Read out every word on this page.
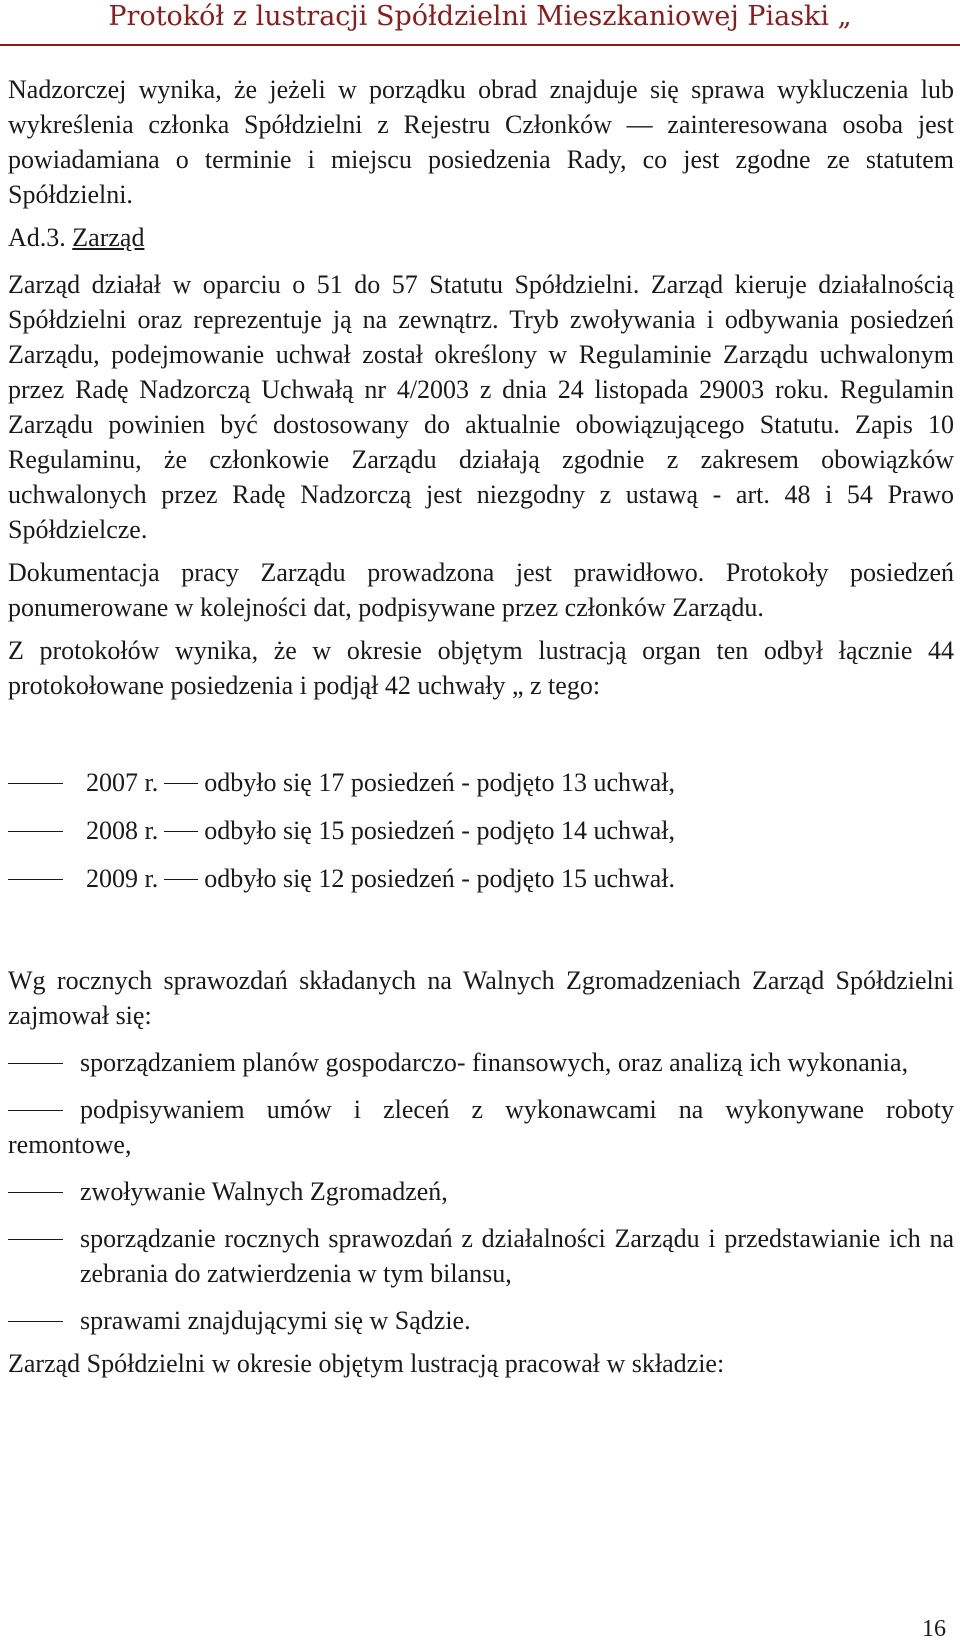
Protokół z lustracji Spółdzielni Mieszkaniowej Piaski „

Nadzorczej wynika, że jeżeli w porządku obrad znajduje się sprawa wykluczenia lub wykreślenia członka Spółdzielni z Rejestru Członków ― zainteresowana osoba jest powiadamiana o terminie i miejscu posiedzenia Rady, co jest zgodne ze statutem Spółdzielni.

Ad.3. Zarząd

Zarząd działał w oparciu o 51 do 57 Statutu Spółdzielni. Zarząd kieruje działalnością Spółdzielni oraz reprezentuje ją na zewnątrz. Tryb zwoływania i odbywania posiedzeń Zarządu, podejmowanie uchwał został określony w Regulaminie Zarządu uchwalonym przez Radę Nadzorczą Uchwałą nr 4/2003 z dnia 24 listopada 29003 roku. Regulamin Zarządu powinien być dostosowany do aktualnie obowiązującego Statutu. Zapis 10 Regulaminu, że członkowie Zarządu działają zgodnie z zakresem obowiązków uchwalonych przez Radę Nadzorczą jest niezgodny z ustawą - art. 48 i 54 Prawo Spółdzielcze.

Dokumentacja pracy Zarządu prowadzona jest prawidłowo. Protokoły posiedzeń ponumerowane w kolejności dat, podpisywane przez członków Zarządu.

Z protokołów wynika, że w okresie objętym lustracją organ ten odbył łącznie 44 protokołowane posiedzenia i podjął 42 uchwały „ z tego:

2007 r. odbyło się 17 posiedzeń - podjęto 13 uchwał,
2008 r. odbyło się 15 posiedzeń - podjęto 14 uchwał,
2009 r. odbyło się 12 posiedzeń - podjęto 15 uchwał.

Wg rocznych sprawozdań składanych na Walnych Zgromadzeniach Zarząd Spółdzielni zajmował się:

sporządzaniem planów gospodarczo- finansowych, oraz analizą ich wykonania,

podpisywaniem umów i zleceń z wykonawcami na wykonywane roboty remontowe,

zwoływanie Walnych Zgromadzeń,

sporządzanie rocznych sprawozdań z działalności Zarządu i przedstawianie ich na zebrania do zatwierdzenia w tym bilansu,

sprawami znajdującymi się w Sądzie.

Zarząd Spółdzielni w okresie objętym lustracją pracował w składzie:

16
